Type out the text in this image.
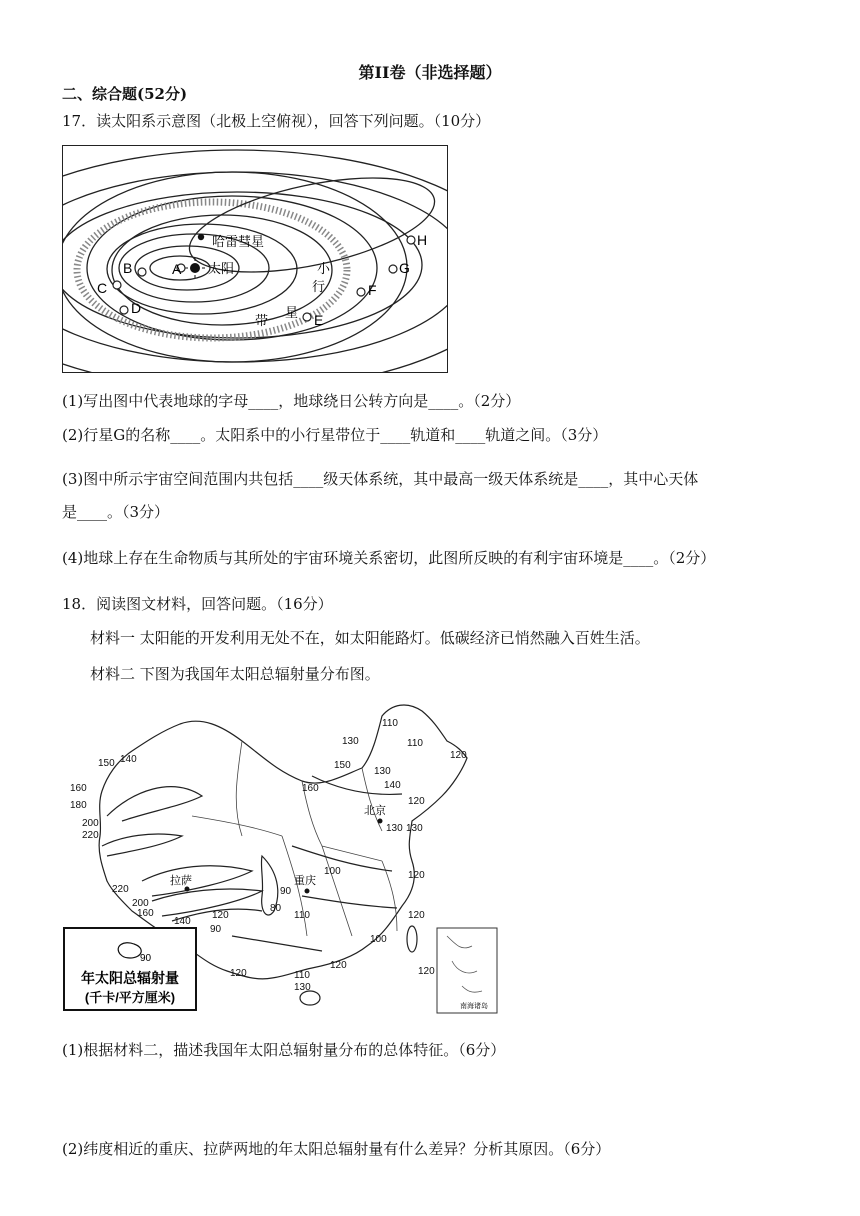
第II卷（非选择题）
二、综合题(52分)
17．读太阳系示意图（北极上空俯视），回答下列问题。（10分）
太阳
哈雷彗星
小
行
星
带
A
B
C
D
E
F
G
H
(1)写出图中代表地球的字母____，地球绕日公转方向是____。（2分）
(2)行星G的名称____。太阳系中的小行星带位于____轨道和____轨道之间。（3分）
(3)图中所示宇宙空间范围内共包括____级天体系统，其中最高一级天体系统是____，其中心天体
是____。（3分）
(4)地球上存在生命物质与其所处的宇宙环境关系密切，此图所反映的有利宇宙环境是____。（2分）
18．阅读图文材料，回答问题。（16分）
材料一 太阳能的开发利用无处不在，如太阳能路灯。低碳经济已悄然融入百姓生活。
材料二 下图为我国年太阳总辐射量分布图。
南海诸岛
北京
拉萨	重庆
110
130	110
120
150
130
140
160
150 140
120
160
180
130 130
200
220
120
100
90
80
220
200
160
140
120	110
90
120
100
120
120	110
130
120
90
年太阳总辐射量
(千卡/平方厘米)
(1)根据材料二，描述我国年太阳总辐射量分布的总体特征。（6分）
(2)纬度相近的重庆、拉萨两地的年太阳总辐射量有什么差异？分析其原因。（6分）
